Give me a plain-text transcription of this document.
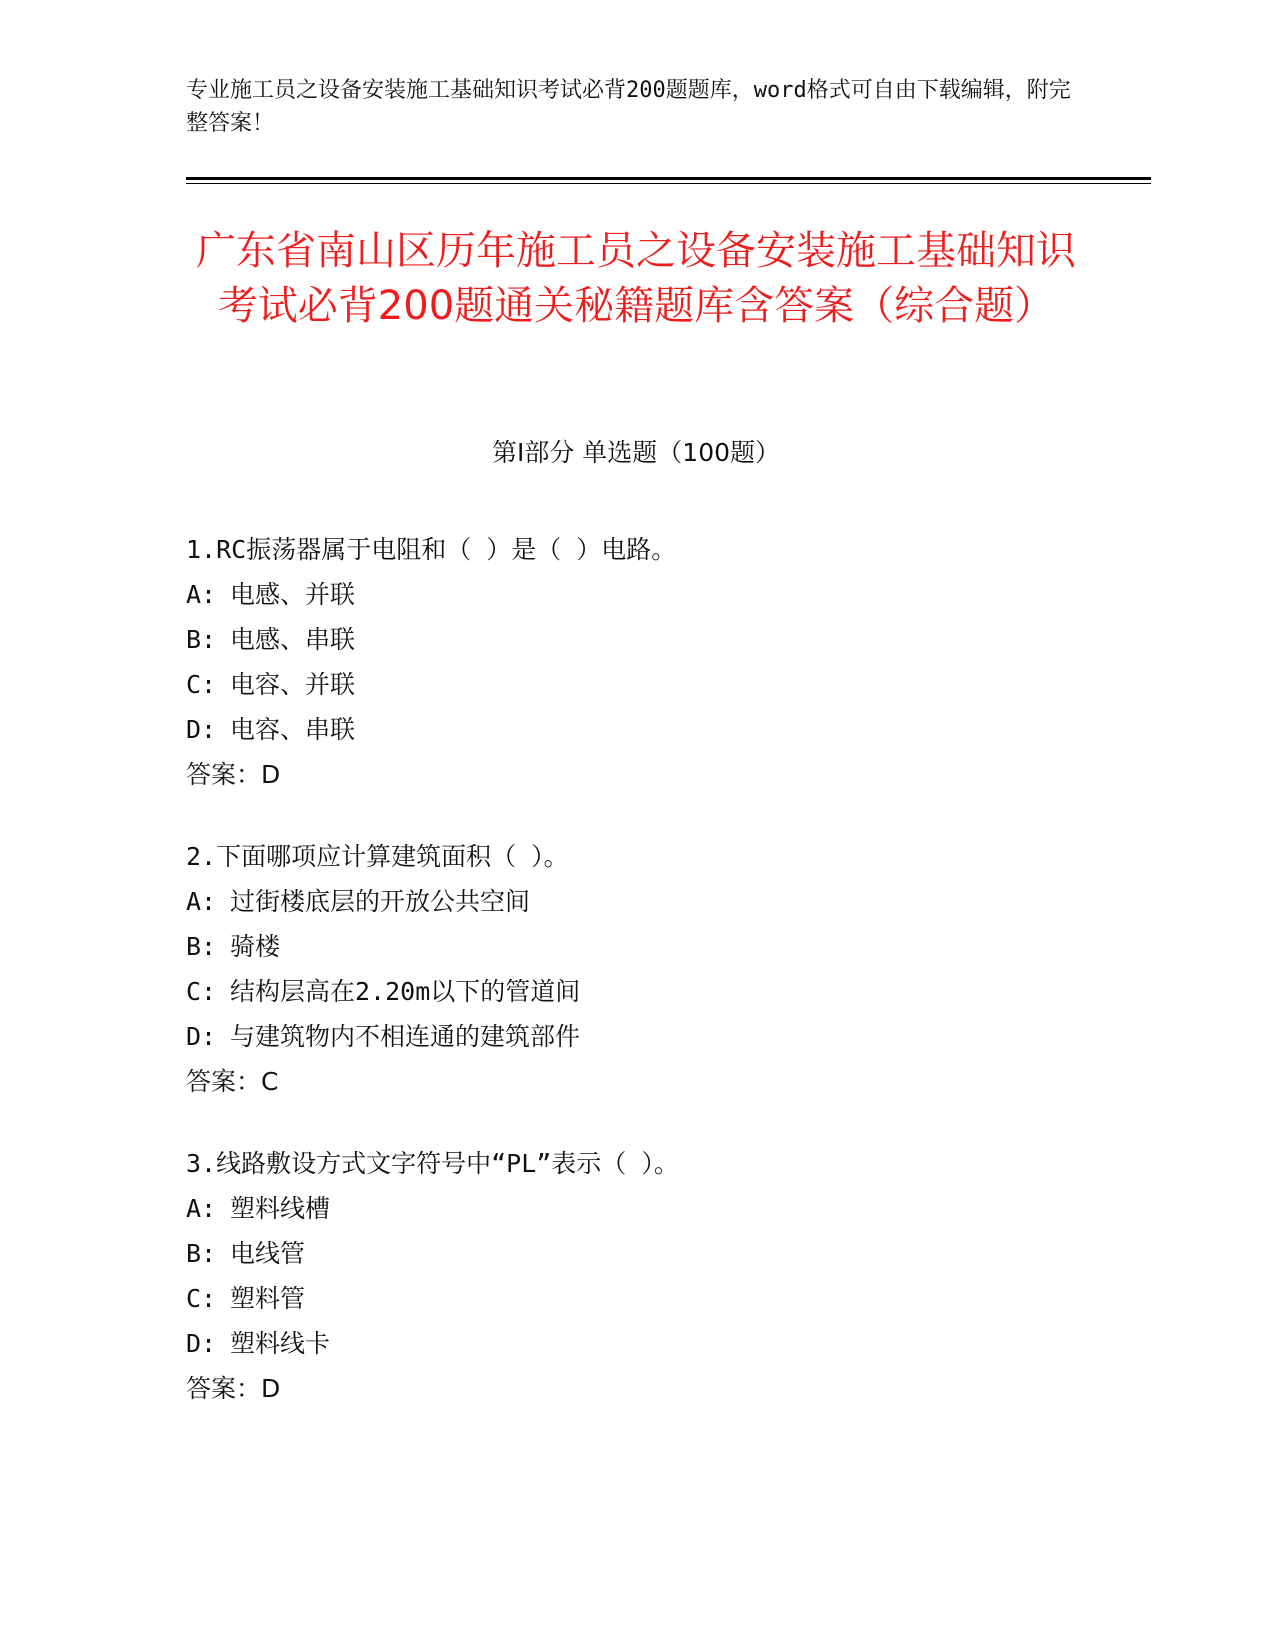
专业施工员之设备安装施工基础知识考试必背200题题库，word格式可自由下载编辑，附完整答案！
广东省南山区历年施工员之设备安装施工基础知识考试必背200题通关秘籍题库含答案（综合题）
第Ⅰ部分 单选题（100题）
1.RC振荡器属于电阻和（ ）是（ ）电路。
A: 电感、并联
B: 电感、串联
C: 电容、并联
D: 电容、串联
答案：D
2.下面哪项应计算建筑面积（ ）。
A: 过街楼底层的开放公共空间
B: 骑楼
C: 结构层高在2.20m以下的管道间
D: 与建筑物内不相连通的建筑部件
答案：C
3.线路敷设方式文字符号中“PL”表示（ ）。
A: 塑料线槽
B: 电线管
C: 塑料管
D: 塑料线卡
答案：D
